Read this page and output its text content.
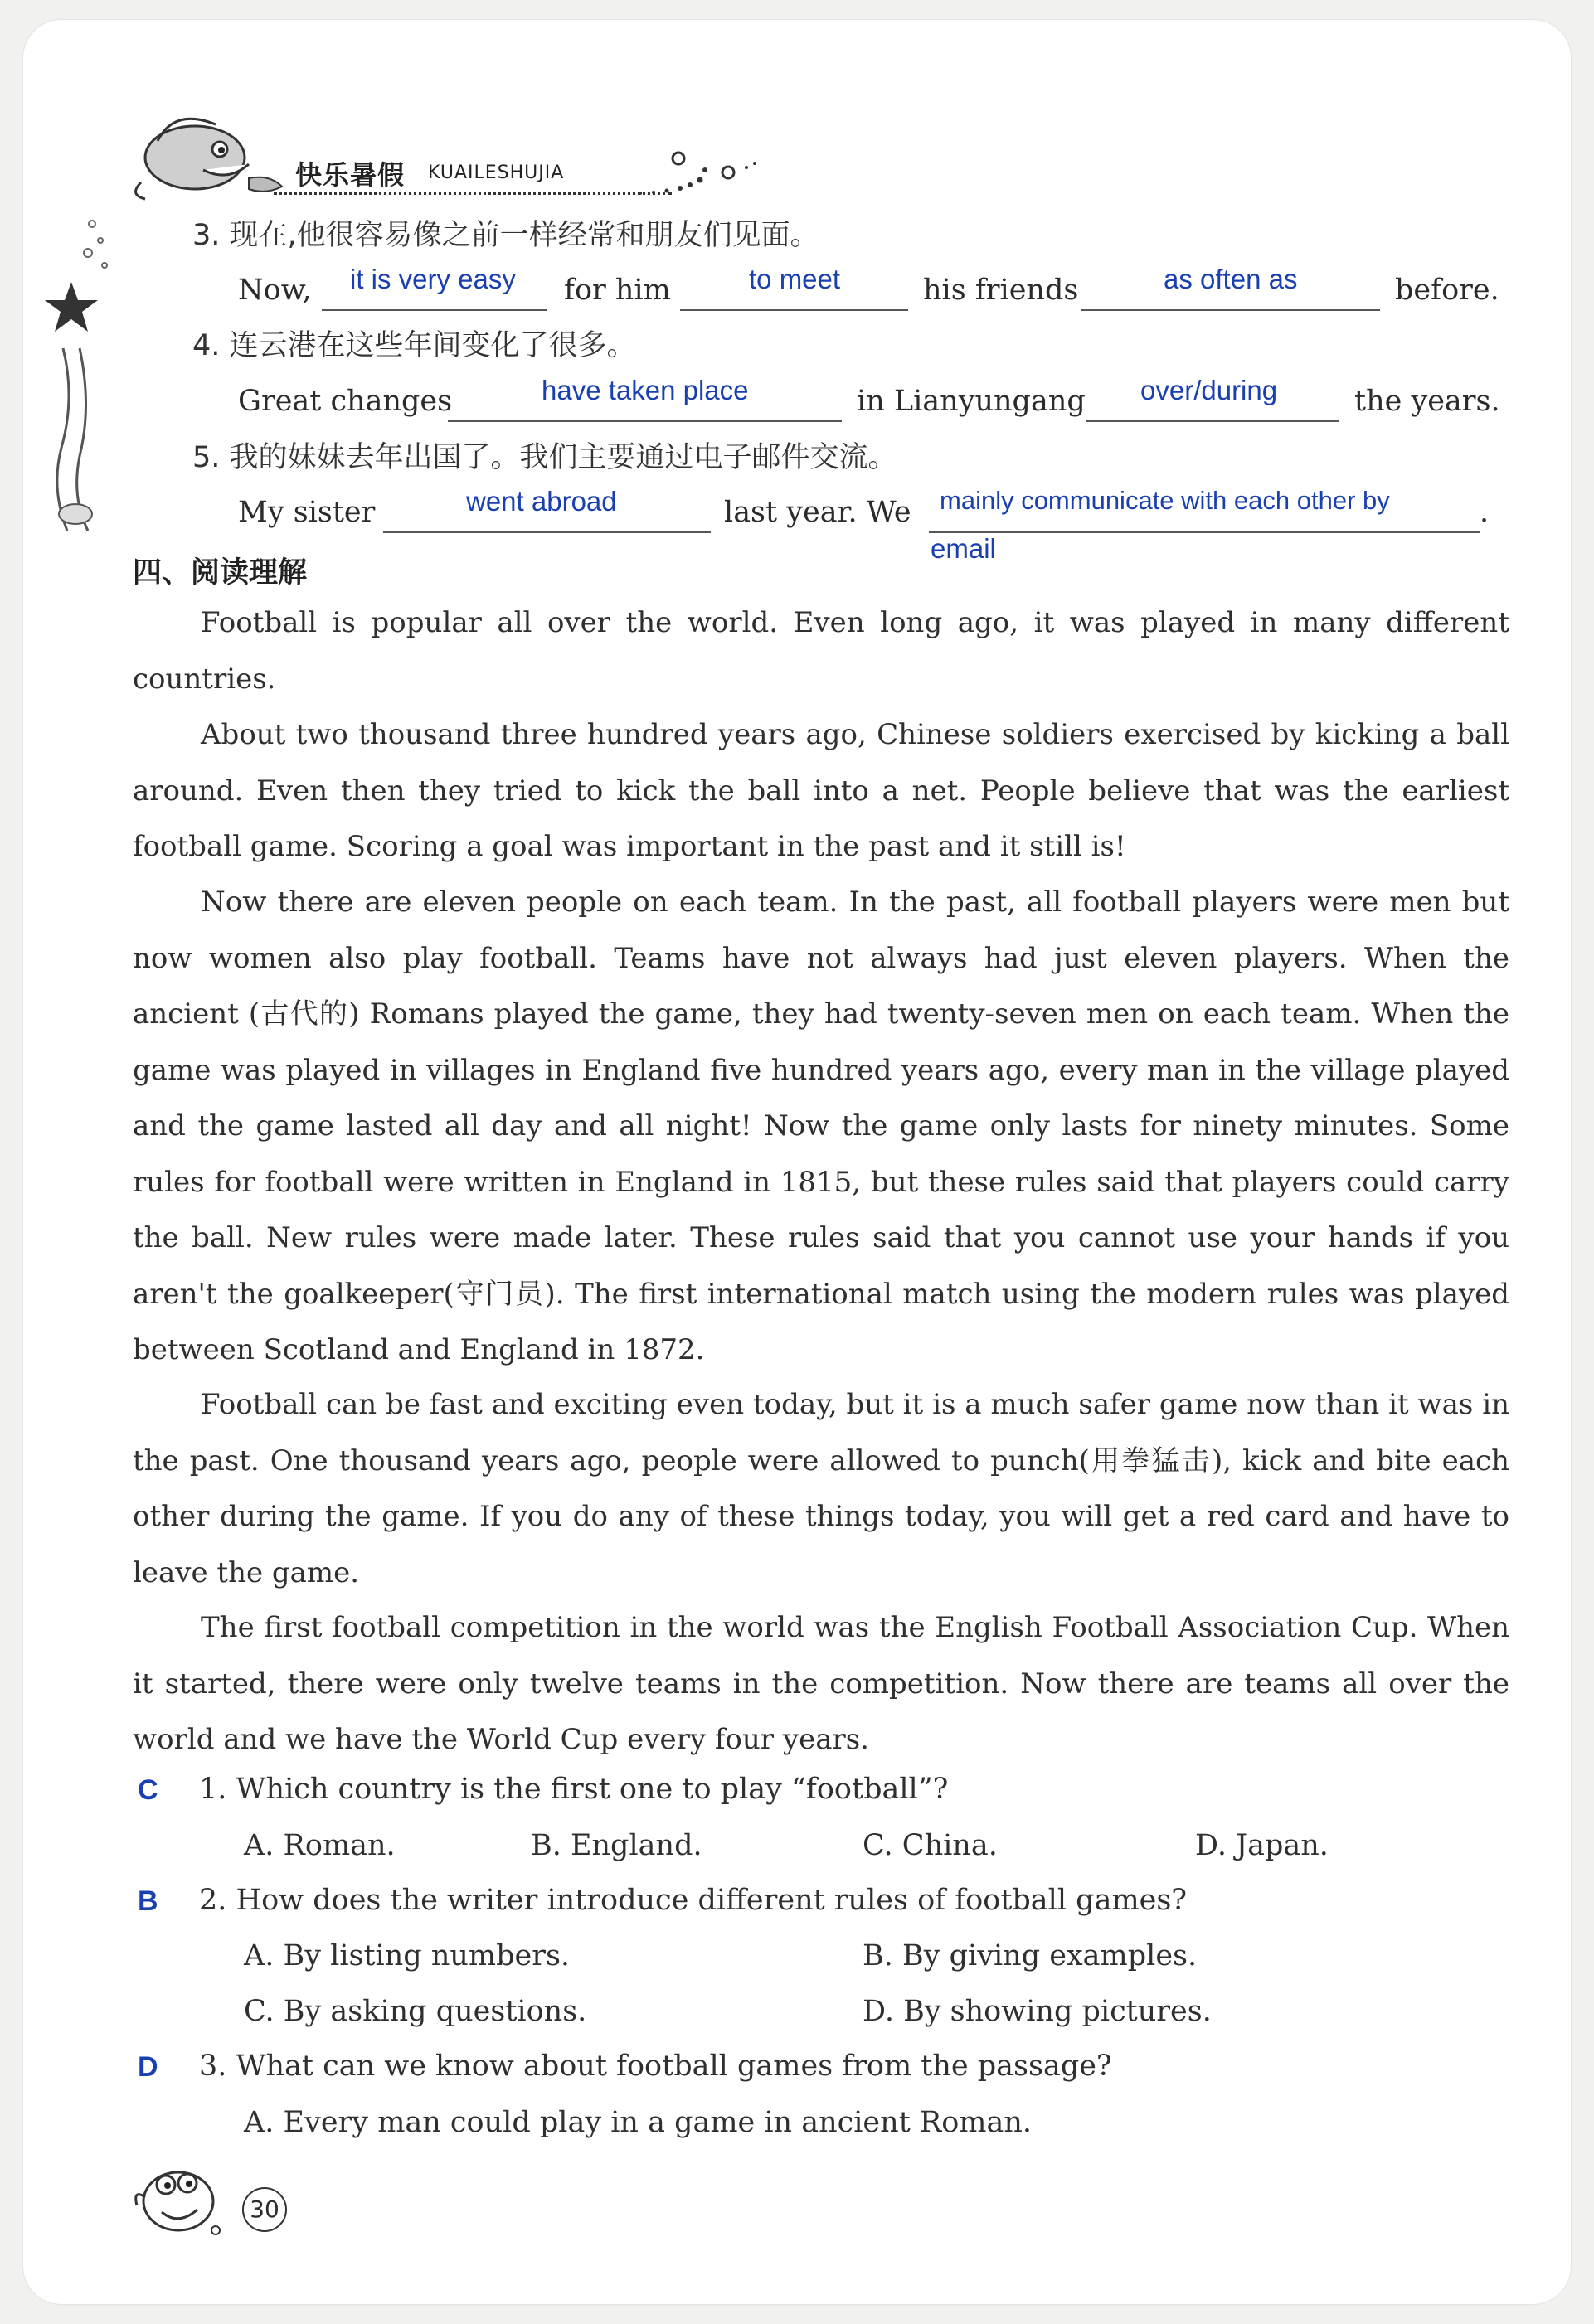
快乐暑假 KUAILESHUJIA
3. 现在,他很容易像之前一样经常和朋友们见面。
Now, it is very easy for him	to meet	his friends	as often as	before.
4. 连云港在这些年间变化了很多。
Great changes	have taken place	in Lianyungang over/during	the years.
5. 我的妹妹去年出国了。我们主要通过电子邮件交流。
My sister	went abroad	last year. We mainly communicate with each other by	.
email
四、阅读理解
Football is popular all over the world. Even long ago, it was played in many different countries.
About two thousand three hundred years ago, Chinese soldiers exercised by kicking a ball around. Even then they tried to kick the ball into a net. People believe that was the earliest football game. Scoring a goal was important in the past and it still is!
Now there are eleven people on each team. In the past, all football players were men but now women also play football. Teams have not always had just eleven players. When the ancient (古代的) Romans played the game, they had twenty-seven men on each team. When the game was played in villages in England five hundred years ago, every man in the village played and the game lasted all day and all night! Now the game only lasts for ninety minutes. Some rules for football were written in England in 1815, but these rules said that players could carry the ball. New rules were made later. These rules said that you cannot use your hands if you aren't the goalkeeper(守门员). The first international match using the modern rules was played between Scotland and England in 1872.
Football can be fast and exciting even today, but it is a much safer game now than it was in the past. One thousand years ago, people were allowed to punch(用拳猛击), kick and bite each other during the game. If you do any of these things today, you will get a red card and have to leave the game.
The first football competition in the world was the English Football Association Cup. When it started, there were only twelve teams in the competition. Now there are teams all over the world and we have the World Cup every four years.
C 1. Which country is the first one to play “football”?
A. Roman.	B. England.	C. China.	D. Japan.
B 2. How does the writer introduce different rules of football games?
A. By listing numbers.	B. By giving examples.
C. By asking questions.	D. By showing pictures.
D 3. What can we know about football games from the passage?
A. Every man could play in a game in ancient Roman.
30
